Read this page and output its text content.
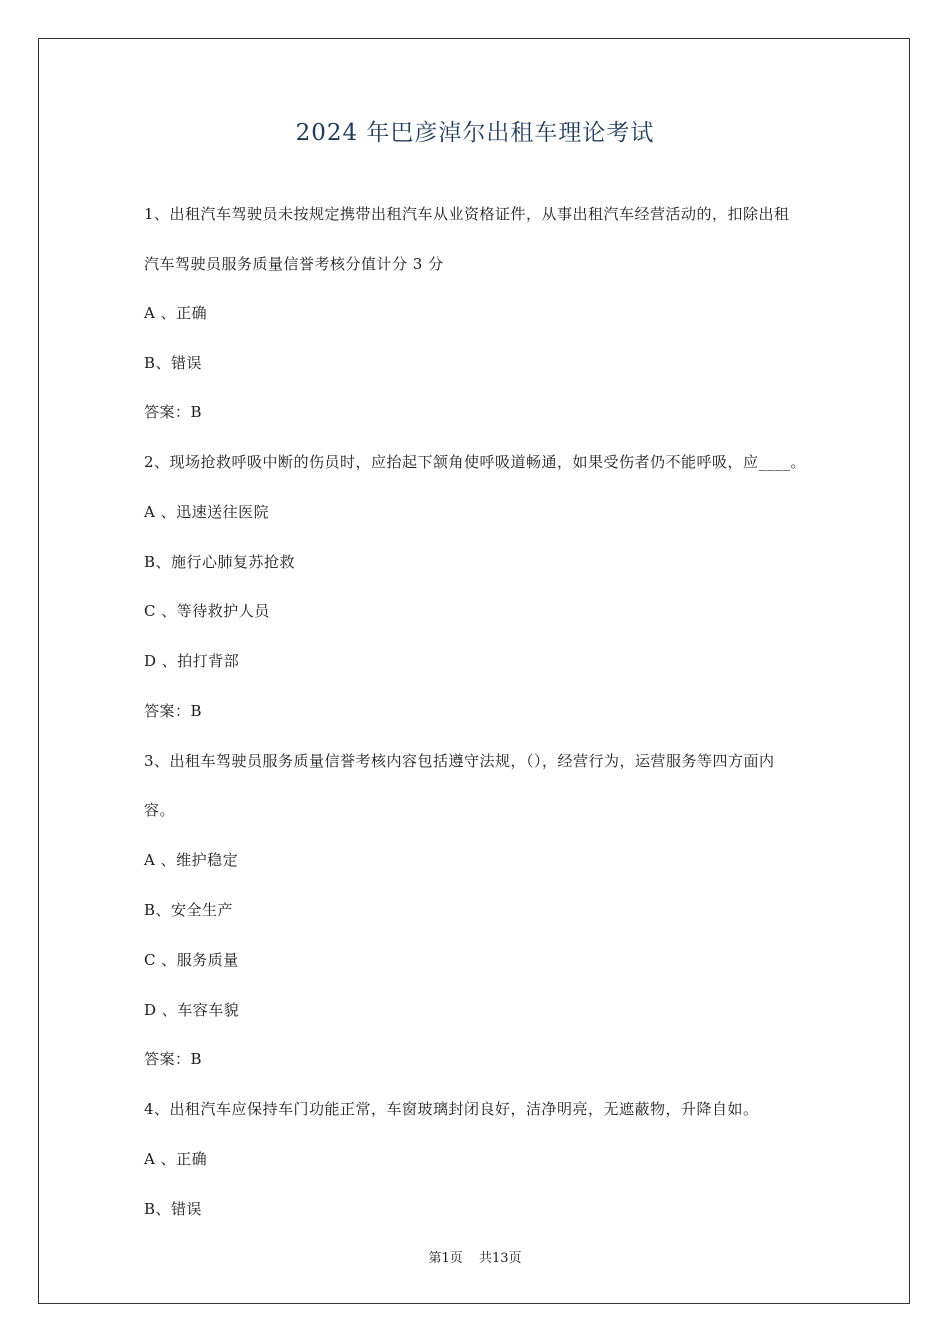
2024 年巴彦淖尔出租车理论考试
1、出租汽车驾驶员未按规定携带出租汽车从业资格证件，从事出租汽车经营活动的，扣除出租
汽车驾驶员服务质量信誉考核分值计分 3 分
A 、正确
B、错误
答案：B
2、现场抢救呼吸中断的伤员时，应抬起下颔角使呼吸道畅通，如果受伤者仍不能呼吸，应____。
A 、迅速送往医院
B、施行心肺复苏抢救
C 、等待救护人员
D 、拍打背部
答案：B
3、出租车驾驶员服务质量信誉考核内容包括遵守法规，（），经营行为，运营服务等四方面内
容。
A 、维护稳定
B、安全生产
C 、服务质量
D 、车容车貌
答案：B
4、出租汽车应保持车门功能正常，车窗玻璃封闭良好，洁净明亮，无遮蔽物，升降自如。
A 、正确
B、错误
第1页 共13页
